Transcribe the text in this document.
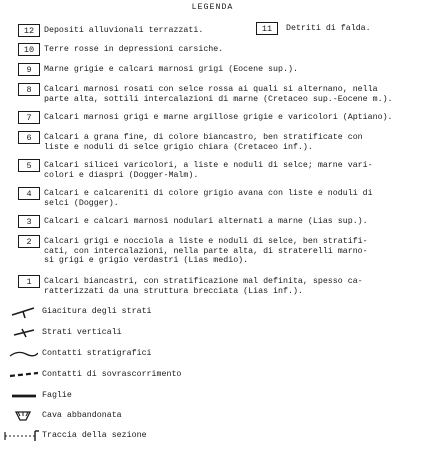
LEGENDA
12	Depositi alluvionali terrazzati.	11	Detriti di falda.
10	Terre rosse in depressioni carsiche.
9	Marne grigie e calcari marnosi grigi (Eocene sup.).
8	Calcari marnosi rosati con selce rossa ai quali si alternano, nella
parte alta, sottili intercalazioni di marne (Cretaceo sup.-Eocene m.).
7	Calcari marnosi grigi e marne argillose grigie e varicolori (Aptiano).
6	Calcari a grana fine, di colore biancastro, ben stratificate con
liste e noduli di selce grigio chiara (Cretaceo inf.).
5	Calcari silicei varicolori, a liste e noduli di selce; marne vari-
colori e diaspri (Dogger-Malm).
4	Calcari e calcareniti di colore grigio avana con liste e noduli di
selci (Dogger).
3	Calcari e calcari marnosi nodulari alternati a marne (Lias sup.).
2	Calcari grigi e nocciola a liste e noduli di selce, ben stratifi-
cati, con intercalazioni, nella parte alta, di straterelli marno-
si grigi e grigio verdastri (Lias medio).
1	Calcari biancastri, con stratificazione mal definita, spesso ca-
ratterizzati da una struttura brecciata (Lias inf.).
Giacitura degli strati
Strati verticali
Contatti stratigrafici
Contatti di sovrascorrimento
Faglie
Cava abbandonata
Traccia della sezione
